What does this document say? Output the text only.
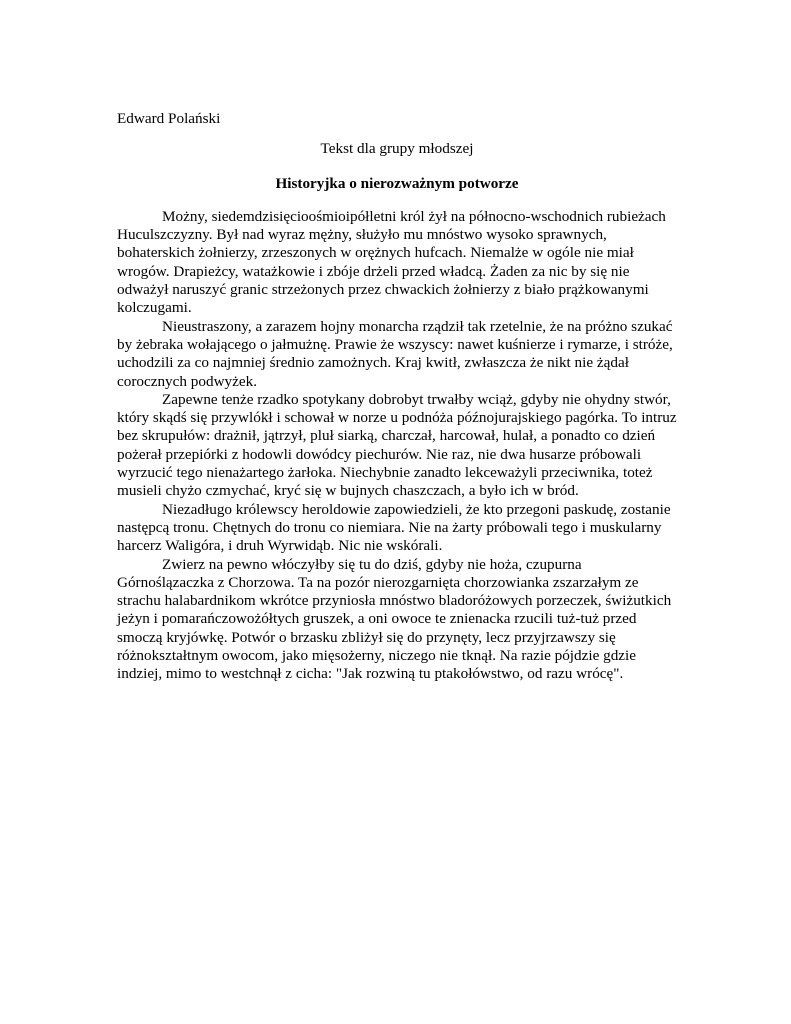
Edward Polański

Tekst dla grupy młodszej

Historyjka o nierozważnym potworze

Możny, siedemdzisięcioośmioipółletni król żył na północno-wschodnich rubieżach Huculszczyzny. Był nad wyraz mężny, służyło mu mnóstwo wysoko sprawnych, bohaterskich żołnierzy, zrzeszonych w orężnych hufcach. Niemalże w ogóle nie miał wrogów. Drapieżcy, watażkowie i zbóje drżeli przed władcą. Żaden za nic by się nie odważył naruszyć granic strzeżonych przez chwackich żołnierzy z biało prążkowanymi kolczugami.

Nieustraszony, a zarazem hojny monarcha rządził tak rzetelnie, że na próżno szukać by żebraka wołającego o jałmużnę. Prawie że wszyscy: nawet kuśnierze i rymarze, i stróże, uchodzili za co najmniej średnio zamożnych. Kraj kwitł, zwłaszcza że nikt nie żądał corocznych podwyżek.

Zapewne tenże rzadko spotykany dobrobyt trwałby wciąż, gdyby nie ohydny stwór, który skądś się przywlókł i schował w norze u podnóża późnojurajskiego pagórka. To intruz bez skrupułów: drażnił, jątrzył, pluł siarką, charczał, harcował, hulał, a ponadto co dzień pożerał przepiórki z hodowli dowódcy piechurów. Nie raz, nie dwa husarze próbowali wyrzucić tego nienażartego żarłoka. Niechybnie zanadto lekceważyli przeciwnika, toteż musieli chyżo czmychać, kryć się w bujnych chaszczach, a było ich w bród.

Niezadługo królewscy heroldowie zapowiedzieli, że kto przegoni paskudę, zostanie następcą tronu. Chętnych do tronu co niemiara. Nie na żarty próbowali tego i muskularny harcerz Waligóra, i druh Wyrwidąb. Nic nie wskórali.

Zwierz na pewno włóczyłby się tu do dziś, gdyby nie hoża, czupurna Górnoślązaczka z Chorzowa. Ta na pozór nierozgarnięta chorzowianka zszarzałym ze strachu halabardnikom wkrótce przyniosła mnóstwo bladoróżowych porzeczek, świżutkich jeżyn i pomarańczowożółtych gruszek, a oni owoce te znienacka rzucili tuż-tuż przed smoczą kryjówkę. Potwór o brzasku zbliżył się do przynęty, lecz przyjrzawszy się różnokształtnym owocom, jako mięsożerny, niczego nie tknął. Na razie pójdzie gdzie indziej, mimo to westchnął z cicha: "Jak rozwiną tu ptakołówstwo, od razu wrócę".
